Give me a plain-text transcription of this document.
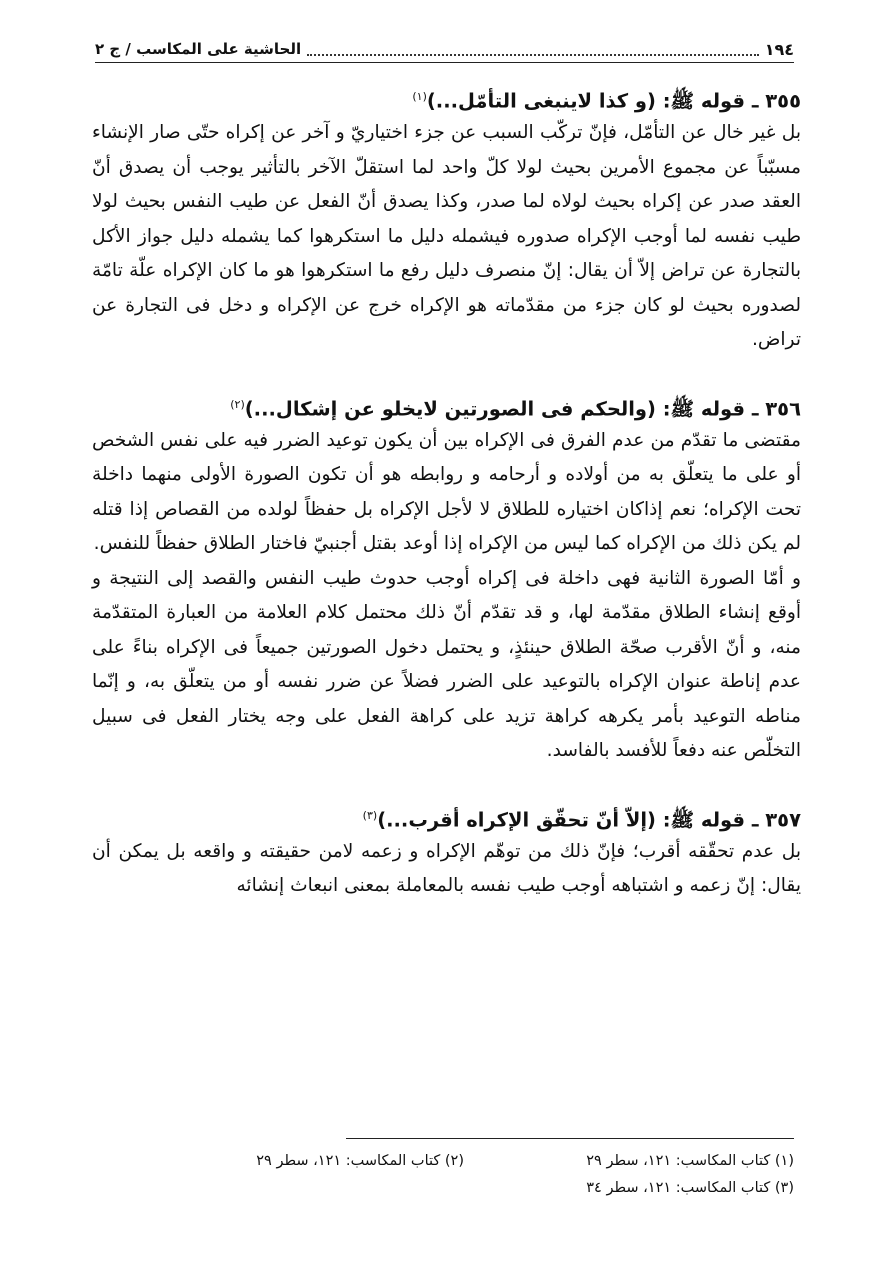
١٩٤
الحاشية على المكاسب / ج ٢
٣٥٥ ـ قوله ﷺ: (و كذا لاينبغى التأمّل...)$^{(١)}$

بل غير خال عن التأمّل، فإنّ تركّب السبب عن جزء اختياريّ و آخر عن إكراه حتّى صار الإنشاء مسبّباً عن مجموع الأمرين بحيث لولا كلّ واحد لما استقلّ الآخر بالتأثير يوجب أن يصدق أنّ العقد صدر عن إكراه بحيث لولاه لما صدر، وكذا يصدق أنّ الفعل عن طيب النفس بحيث لولا طيب نفسه لما أوجب الإكراه صدوره فيشمله دليل ما استكرهوا كما يشمله دليل جواز الأكل بالتجارة عن تراض إلاّ أن يقال: إنّ منصرف دليل رفع ما استكرهوا هو ما كان الإكراه علّة تامّة لصدوره بحيث لو كان جزء من مقدّماته هو الإكراه خرج عن الإكراه و دخل فى التجارة عن تراض.

٣٥٦ ـ قوله ﷺ: (والحكم فى الصورتين لايخلو عن إشكال...)$^{(٢)}$

مقتضى ما تقدّم من عدم الفرق فى الإكراه بين أن يكون توعيد الضرر فيه على نفس الشخص أو على ما يتعلّق به من أولاده و أرحامه و روابطه هو أن تكون الصورة الأولى منهما داخلة تحت الإكراه؛ نعم إذاكان اختياره للطلاق لا لأجل الإكراه بل حفظاً لولده من القصاص إذا قتله لم يكن ذلك من الإكراه كما ليس من الإكراه إذا أوعد بقتل أجنبيّ فاختار الطلاق حفظاً للنفس.

و أمّا الصورة الثانية فهى داخلة فى إكراه أوجب حدوث طيب النفس والقصد إلى النتيجة و أوقع إنشاء الطلاق مقدّمة لها، و قد تقدّم أنّ ذلك محتمل كلام العلامة من العبارة المتقدّمة منه، و أنّ الأقرب صحّة الطلاق حينئذٍ، و يحتمل دخول الصورتين جميعاً فى الإكراه بناءً على عدم إناطة عنوان الإكراه بالتوعيد على الضرر فضلاً عن ضرر نفسه أو من يتعلّق به، و إنّما مناطه التوعيد بأمر يكرهه كراهة تزيد على كراهة الفعل على وجه يختار الفعل فى سبيل التخلّص عنه دفعاً للأفسد بالفاسد.

٣٥٧ ـ قوله ﷺ: (إلاّ أنّ تحقّق الإكراه أقرب...)$^{(٣)}$

بل عدم تحقّقه أقرب؛ فإنّ ذلك من توهّم الإكراه و زعمه لامن حقيقته و واقعه بل يمكن أن يقال: إنّ زعمه و اشتباهه أوجب طيب نفسه بالمعاملة بمعنى انبعاث إنشائه

(١) كتاب المكاسب: ١٢١، سطر ٢٩
(٢) كتاب المكاسب: ١٢١، سطر ٢٩
(٣) كتاب المكاسب: ١٢١، سطر ٣٤
